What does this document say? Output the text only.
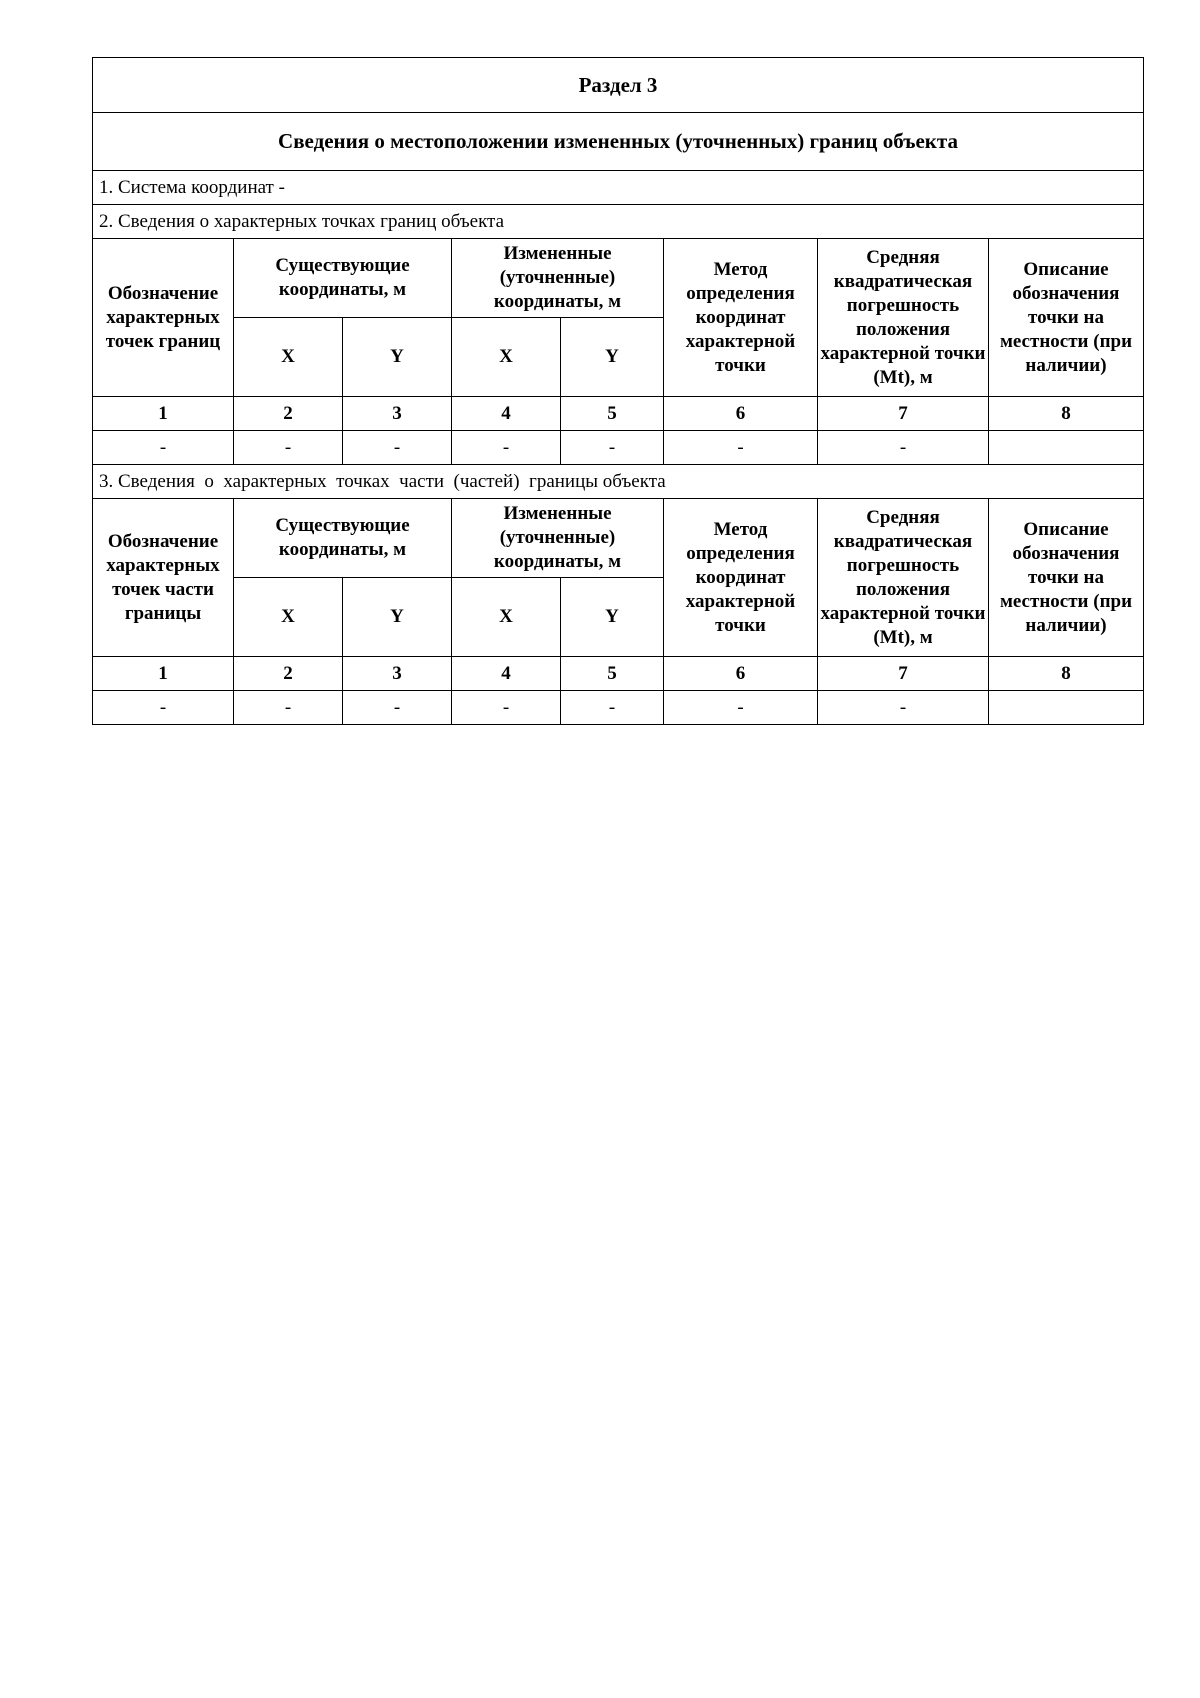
Раздел 3							
Сведения о местоположении измененных (уточненных) границ объекта							
1. Система координат -							
2. Сведения о характерных точках границ объекта							
Обозначение характерных точек границ	Существующие координаты, м		Измененные (уточненные) координаты, м		Метод определения координат характерной точки	Средняя квадратическая погрешность положения характерной точки (Mt), м	Описание обозначения точки на местности (при наличии)
	X	Y	X	Y			
1	2	3	4	5	6	7	8
-	-	-	-	-	-	-	
3. Сведения  о  характерных  точках  части  (частей)  границы объекта							
Обозначение характерных точек части границы	Существующие координаты, м		Измененные (уточненные) координаты, м		Метод определения координат характерной точки	Средняя квадратическая погрешность положения характерной точки (Mt), м	Описание обозначения точки на местности (при наличии)
	X	Y	X	Y			
1	2	3	4	5	6	7	8
-	-	-	-	-	-	-	
